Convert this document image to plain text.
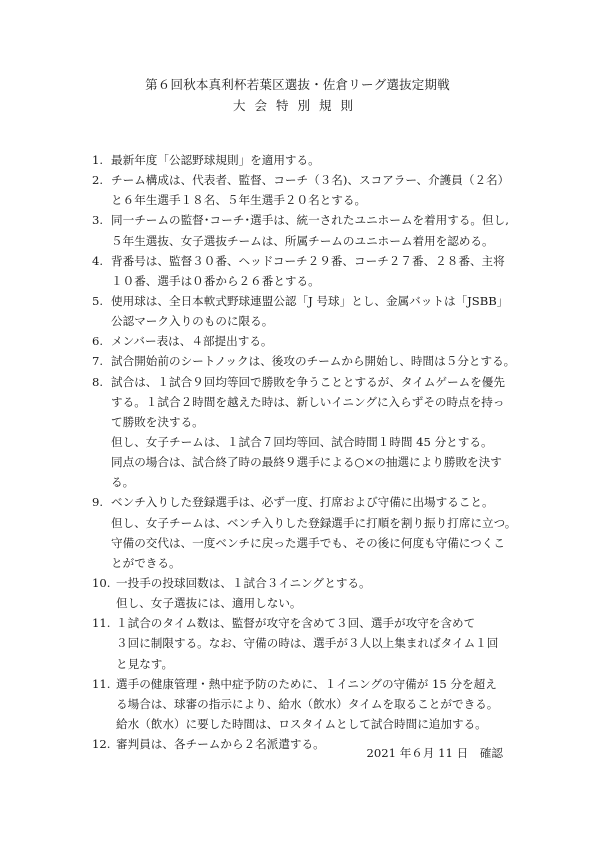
第６回秋本真利杯若葉区選抜・佐倉リーグ選抜定期戦
大会特別規則
1. 最新年度「公認野球規則」を適用する。
2. チーム構成は、代表者、監督、コーチ（３名)、スコアラー、介護員（２名）
と６年生選手１８名、５年生選手２０名とする。
3. 同一チームの監督･コーチ･選手は、統一されたユニホームを着用する。但し,
５年生選抜、女子選抜チームは、所属チームのユニホーム着用を認める。
4. 背番号は、監督３０番、ヘッドコーチ２９番、コーチ２７番、２８番、主将
１０番、選手は０番から２６番とする。
5. 使用球は、全日本軟式野球連盟公認「J 号球」とし、金属バットは「JSBB」
公認マーク入りのものに限る。
6. メンバー表は、４部提出する。
7. 試合開始前のシートノックは、後攻のチームから開始し、時間は５分とする。
8. 試合は、１試合９回均等回で勝敗を争うこととするが、タイムゲームを優先
する。１試合２時間を越えた時は、新しいイニングに入らずその時点を持っ
て勝敗を決する。
但し、女子チームは、１試合７回均等回、試合時間１時間 45 分とする。
同点の場合は、試合終了時の最終９選手による○×の抽選により勝敗を決す
る。
9. ベンチ入りした登録選手は、必ず一度、打席および守備に出場すること。
但し、女子チームは、ベンチ入りした登録選手に打順を割り振り打席に立つ。
守備の交代は、一度ベンチに戻った選手でも、その後に何度も守備につくこ
とができる。
10. 一投手の投球回数は、１試合３イニングとする。
但し、女子選抜には、適用しない。
11. １試合のタイム数は、監督が攻守を含めて３回、選手が攻守を含めて
３回に制限する。なお、守備の時は、選手が３人以上集まればタイム１回
と見なす。
11. 選手の健康管理・熱中症予防のために、１イニングの守備が 15 分を超え
る場合は、球審の指示により、給水（飲水）タイムを取ることができる。
給水（飲水）に要した時間は、ロスタイムとして試合時間に追加する。
12. 審判員は、各チームから２名派遣する。
2021 年６月 11 日　確認
